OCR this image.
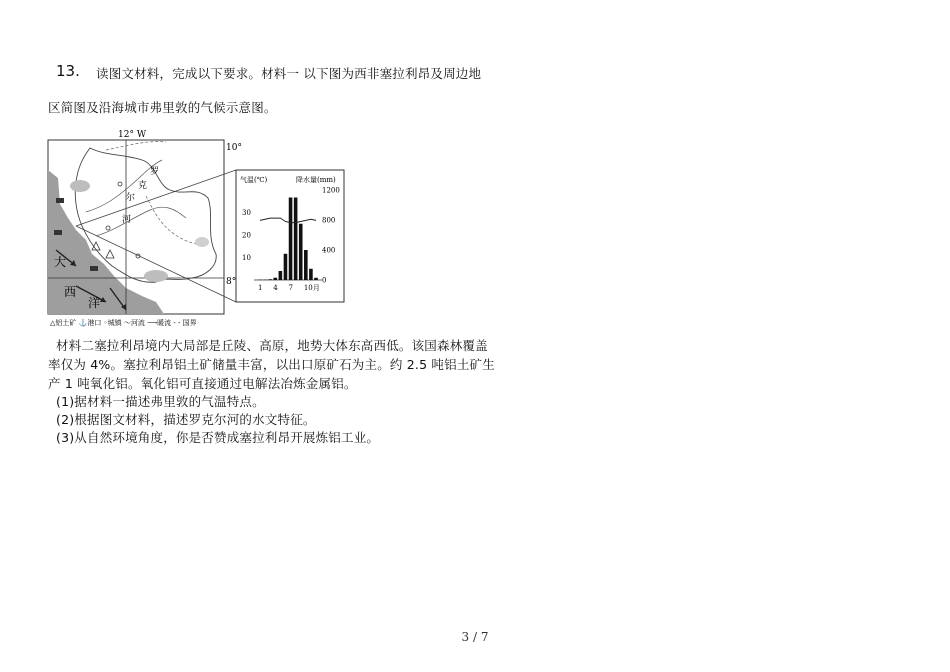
13. 读图文材料，完成以下要求。材料一 以下图为西非塞拉利昂及周边地
区简图及沿海城市弗里敦的气候示意图。
12° W
10°
8°
罗
克
尔
河
大
西
洋
△铝土矿 ⚓港口 ◦城镇 ～河流 ⟶暖流 - - 国界
30
20
10
1200
800
400
0
1 4 7 10 月
气温(℃)	降水量(mm)
材料二塞拉利昂境内大局部是丘陵、高原，地势大体东高西低。该国森林覆盖
率仅为 4%。塞拉利昂铝土矿储量丰富，以出口原矿石为主。约 2.5 吨铝土矿生
产 1 吨氧化铝。氧化铝可直接通过电解法冶炼金属铝。
(1)据材料一描述弗里敦的气温特点。
(2)根据图文材料，描述罗克尔河的水文特征。
(3)从自然环境角度，你是否赞成塞拉利昂开展炼铝工业。
3 / 7
